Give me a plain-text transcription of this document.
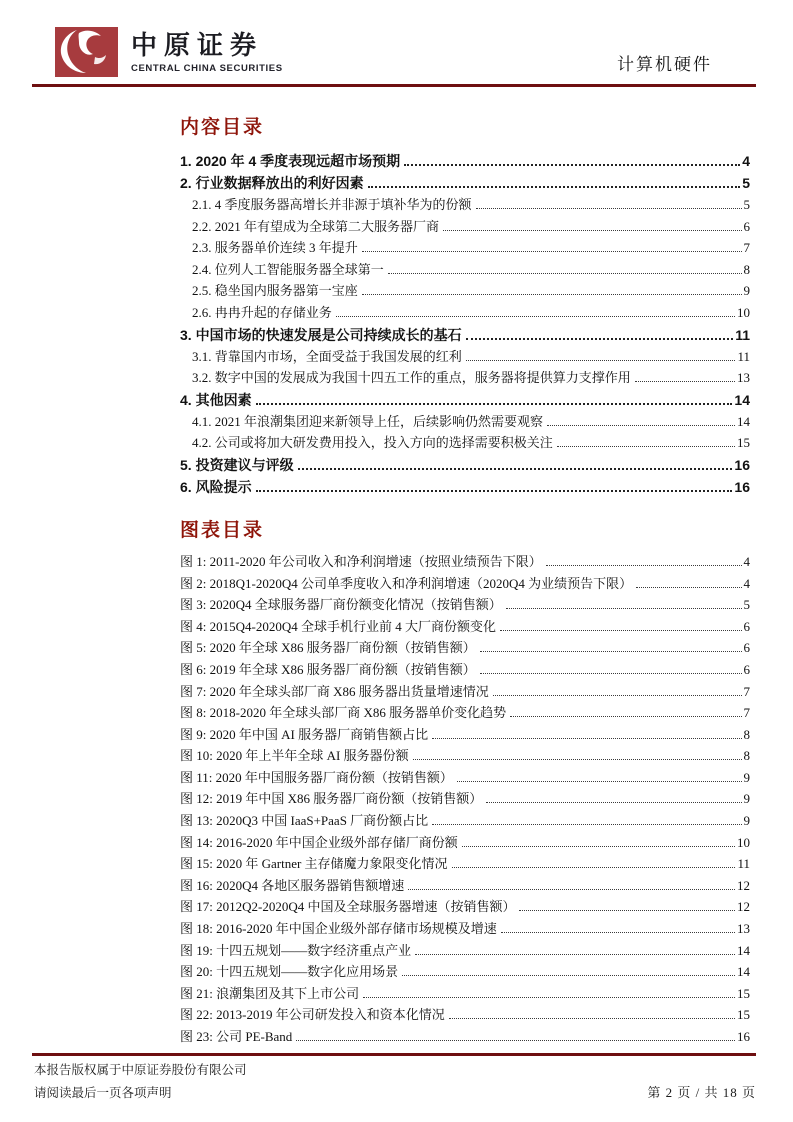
中原证券
CENTRAL CHINA SECURITIES	计算机硬件
内容目录
1. 2020 年 4 季度表现远超市场预期	4
2. 行业数据释放出的利好因素	5
2.1. 4 季度服务器高增长并非源于填补华为的份额	5
2.2. 2021 年有望成为全球第二大服务器厂商	6
2.3. 服务器单价连续 3 年提升	7
2.4. 位列人工智能服务器全球第一	8
2.5. 稳坐国内服务器第一宝座	9
2.6. 冉冉升起的存储业务	10
3. 中国市场的快速发展是公司持续成长的基石	11
3.1. 背靠国内市场，全面受益于我国发展的红利	11
3.2. 数字中国的发展成为我国十四五工作的重点，服务器将提供算力支撑作用	13
4. 其他因素	14
4.1. 2021 年浪潮集团迎来新领导上任，后续影响仍然需要观察	14
4.2. 公司或将加大研发费用投入，投入方向的选择需要积极关注	15
5. 投资建议与评级	16
6. 风险提示	16
图表目录
图 1: 2011-2020 年公司收入和净利润增速（按照业绩预告下限）	4
图 2: 2018Q1-2020Q4 公司单季度收入和净利润增速（2020Q4 为业绩预告下限）	4
图 3: 2020Q4 全球服务器厂商份额变化情况（按销售额）	5
图 4: 2015Q4-2020Q4 全球手机行业前 4 大厂商份额变化	6
图 5: 2020 年全球 X86 服务器厂商份额（按销售额）	6
图 6: 2019 年全球 X86 服务器厂商份额（按销售额）	6
图 7: 2020 年全球头部厂商 X86 服务器出货量增速情况	7
图 8: 2018-2020 年全球头部厂商 X86 服务器单价变化趋势	7
图 9: 2020 年中国 AI 服务器厂商销售额占比	8
图 10: 2020 年上半年全球 AI 服务器份额	8
图 11: 2020 年中国服务器厂商份额（按销售额）	9
图 12: 2019 年中国 X86 服务器厂商份额（按销售额）	9
图 13: 2020Q3 中国 IaaS+PaaS 厂商份额占比	9
图 14: 2016-2020 年中国企业级外部存储厂商份额	10
图 15: 2020 年 Gartner 主存储魔力象限变化情况	11
图 16: 2020Q4 各地区服务器销售额增速	12
图 17: 2012Q2-2020Q4 中国及全球服务器增速（按销售额）	12
图 18: 2016-2020 年中国企业级外部存储市场规模及增速	13
图 19: 十四五规划——数字经济重点产业	14
图 20: 十四五规划——数字化应用场景	14
图 21: 浪潮集团及其下上市公司	15
图 22: 2013-2019 年公司研发投入和资本化情况	15
图 23: 公司 PE-Band	16
本报告版权属于中原证券股份有限公司
请阅读最后一页各项声明	第 2 页 / 共 18 页
